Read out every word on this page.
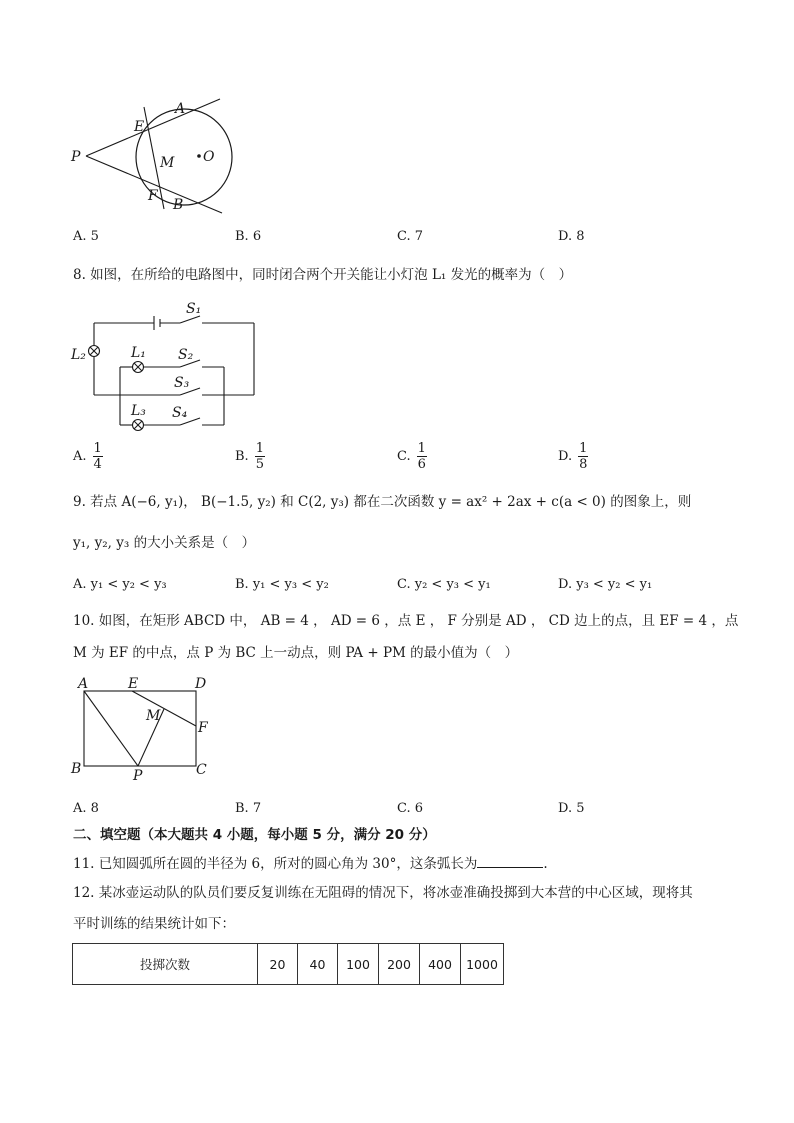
A
E
P	M O
F
B
A. 5	B. 6	C. 7	D. 8
8. 如图，在所给的电路图中，同时闭合两个开关能让小灯泡 L₁ 发光的概率为（　）
S₁
L₂	L₁ S₂
S₃
L₃ S₄
A. $\frac{1}{4}$	B. $\frac{1}{5}$	C. $\frac{1}{6}$	D. $\frac{1}{8}$
9. 若点 A(−6, y₁)， B(−1.5, y₂) 和 C(2, y₃) 都在二次函数 y = ax² + 2ax + c(a < 0) 的图象上，则
y₁, y₂, y₃ 的大小关系是（　）
A. y₁ < y₂ < y₃	B. y₁ < y₃ < y₂	C. y₂ < y₃ < y₁	D. y₃ < y₂ < y₁
10. 如图，在矩形 ABCD 中， AB = 4 ， AD = 6 ，点 E ， F 分别是 AD ， CD 边上的点，且 EF = 4 ，点
M 为 EF 的中点，点 P 为 BC 上一动点，则 PA + PM 的最小值为（　）
A	E	D
M
F
B	P	C
A. 8	B. 7	C. 6	D. 5
二、填空题（本大题共 4 小题，每小题 5 分，满分 20 分）
11. 已知圆弧所在圆的半径为 6，所对的圆心角为 30°，这条弧长为	.
12. 某冰壶运动队的队员们要反复训练在无阻碍的情况下，将冰壶准确投掷到大本营的中心区域，现将其
平时训练的结果统计如下：
投掷次数	20	40	100	200	400	1000
